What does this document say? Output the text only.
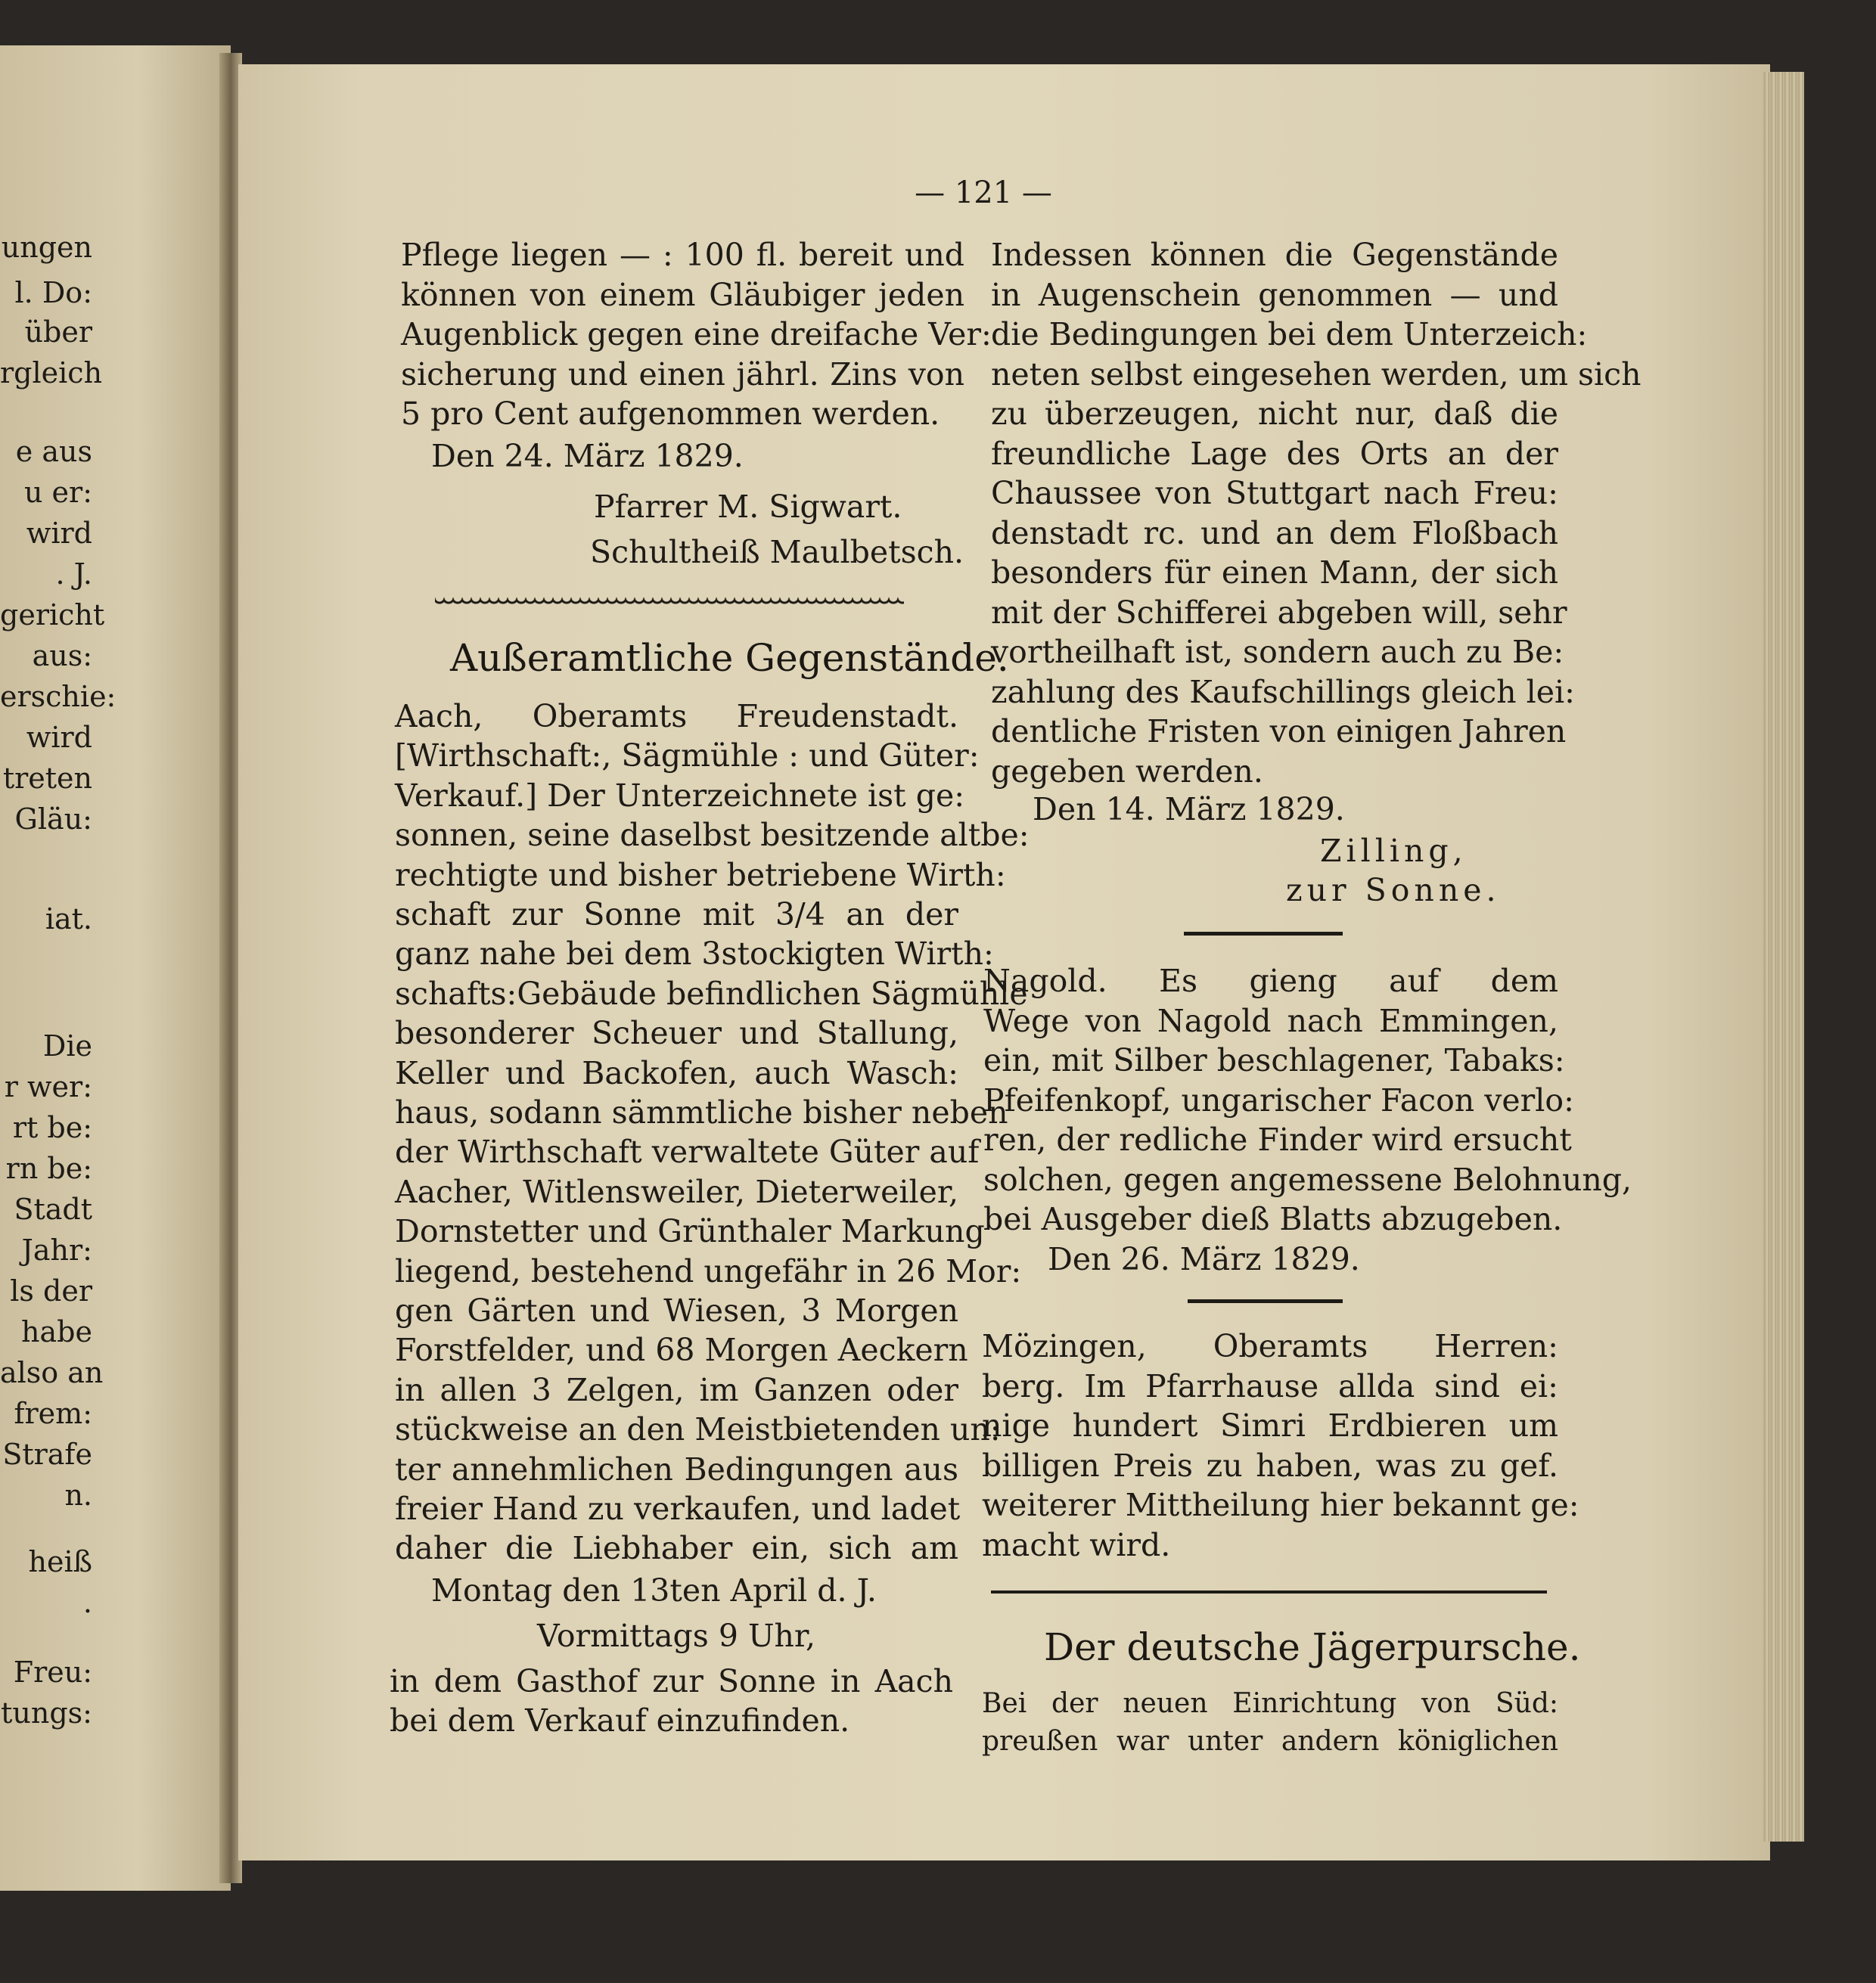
— 121 —
ungen
l. Do:
über
rgleich
e aus
u er:
wird
. J.
gericht
aus:
erschie:
wird
treten
Gläu:
iat.
Die
r wer:
rt be:
rn be:
Stadt
Jahr:
ls der
habe
also an
frem:
Strafe
n.
heiß
.
Freu:
tungs:
Pflege liegen — : 100 fl. bereit und
können von einem Gläubiger jeden
Augenblick gegen eine dreifache Ver:
sicherung und einen jährl. Zins von
5 pro Cent aufgenommen werden.
Den 24. März 1829.
Pfarrer M. Sigwart.
Schultheiß Maulbetsch.
Außeramtliche Gegenstände.
Aach, Oberamts Freudenstadt.
[Wirthschaft:, Sägmühle : und Güter:
Verkauf.] Der Unterzeichnete ist ge:
sonnen, seine daselbst besitzende altbe:
rechtigte und bisher betriebene Wirth:
schaft zur Sonne mit 3/4 an der
ganz nahe bei dem 3stockigten Wirth:
schafts:Gebäude befindlichen Sägmühle
besonderer Scheuer und Stallung,
Keller und Backofen, auch Wasch:
haus, sodann sämmtliche bisher neben
der Wirthschaft verwaltete Güter auf
Aacher, Witlensweiler, Dieterweiler,
Dornstetter und Grünthaler Markung
liegend, bestehend ungefähr in 26 Mor:
gen Gärten und Wiesen, 3 Morgen
Forstfelder, und 68 Morgen Aeckern
in allen 3 Zelgen, im Ganzen oder
stückweise an den Meistbietenden un:
ter annehmlichen Bedingungen aus
freier Hand zu verkaufen, und ladet
daher die Liebhaber ein, sich am
Montag den 13ten April d. J.
Vormittags 9 Uhr,
in dem Gasthof zur Sonne in Aach
bei dem Verkauf einzufinden.
Indessen können die Gegenstände
in Augenschein genommen — und
die Bedingungen bei dem Unterzeich:
neten selbst eingesehen werden, um sich
zu überzeugen, nicht nur, daß die
freundliche Lage des Orts an der
Chaussee von Stuttgart nach Freu:
denstadt rc. und an dem Floßbach
besonders für einen Mann, der sich
mit der Schifferei abgeben will, sehr
vortheilhaft ist, sondern auch zu Be:
zahlung des Kaufschillings gleich lei:
dentliche Fristen von einigen Jahren
gegeben werden.
Den 14. März 1829.
Zilling,
zur Sonne.
Nagold. Es gieng auf dem
Wege von Nagold nach Emmingen,
ein, mit Silber beschlagener, Tabaks:
Pfeifenkopf, ungarischer Facon verlo:
ren, der redliche Finder wird ersucht
solchen, gegen angemessene Belohnung,
bei Ausgeber dieß Blatts abzugeben.
Den 26. März 1829.
Mözingen, Oberamts Herren:
berg. Im Pfarrhause allda sind ei:
nige hundert Simri Erdbieren um
billigen Preis zu haben, was zu gef.
weiterer Mittheilung hier bekannt ge:
macht wird.
Der deutsche Jägerpursche.
Bei der neuen Einrichtung von Süd:
preußen war unter andern königlichen
